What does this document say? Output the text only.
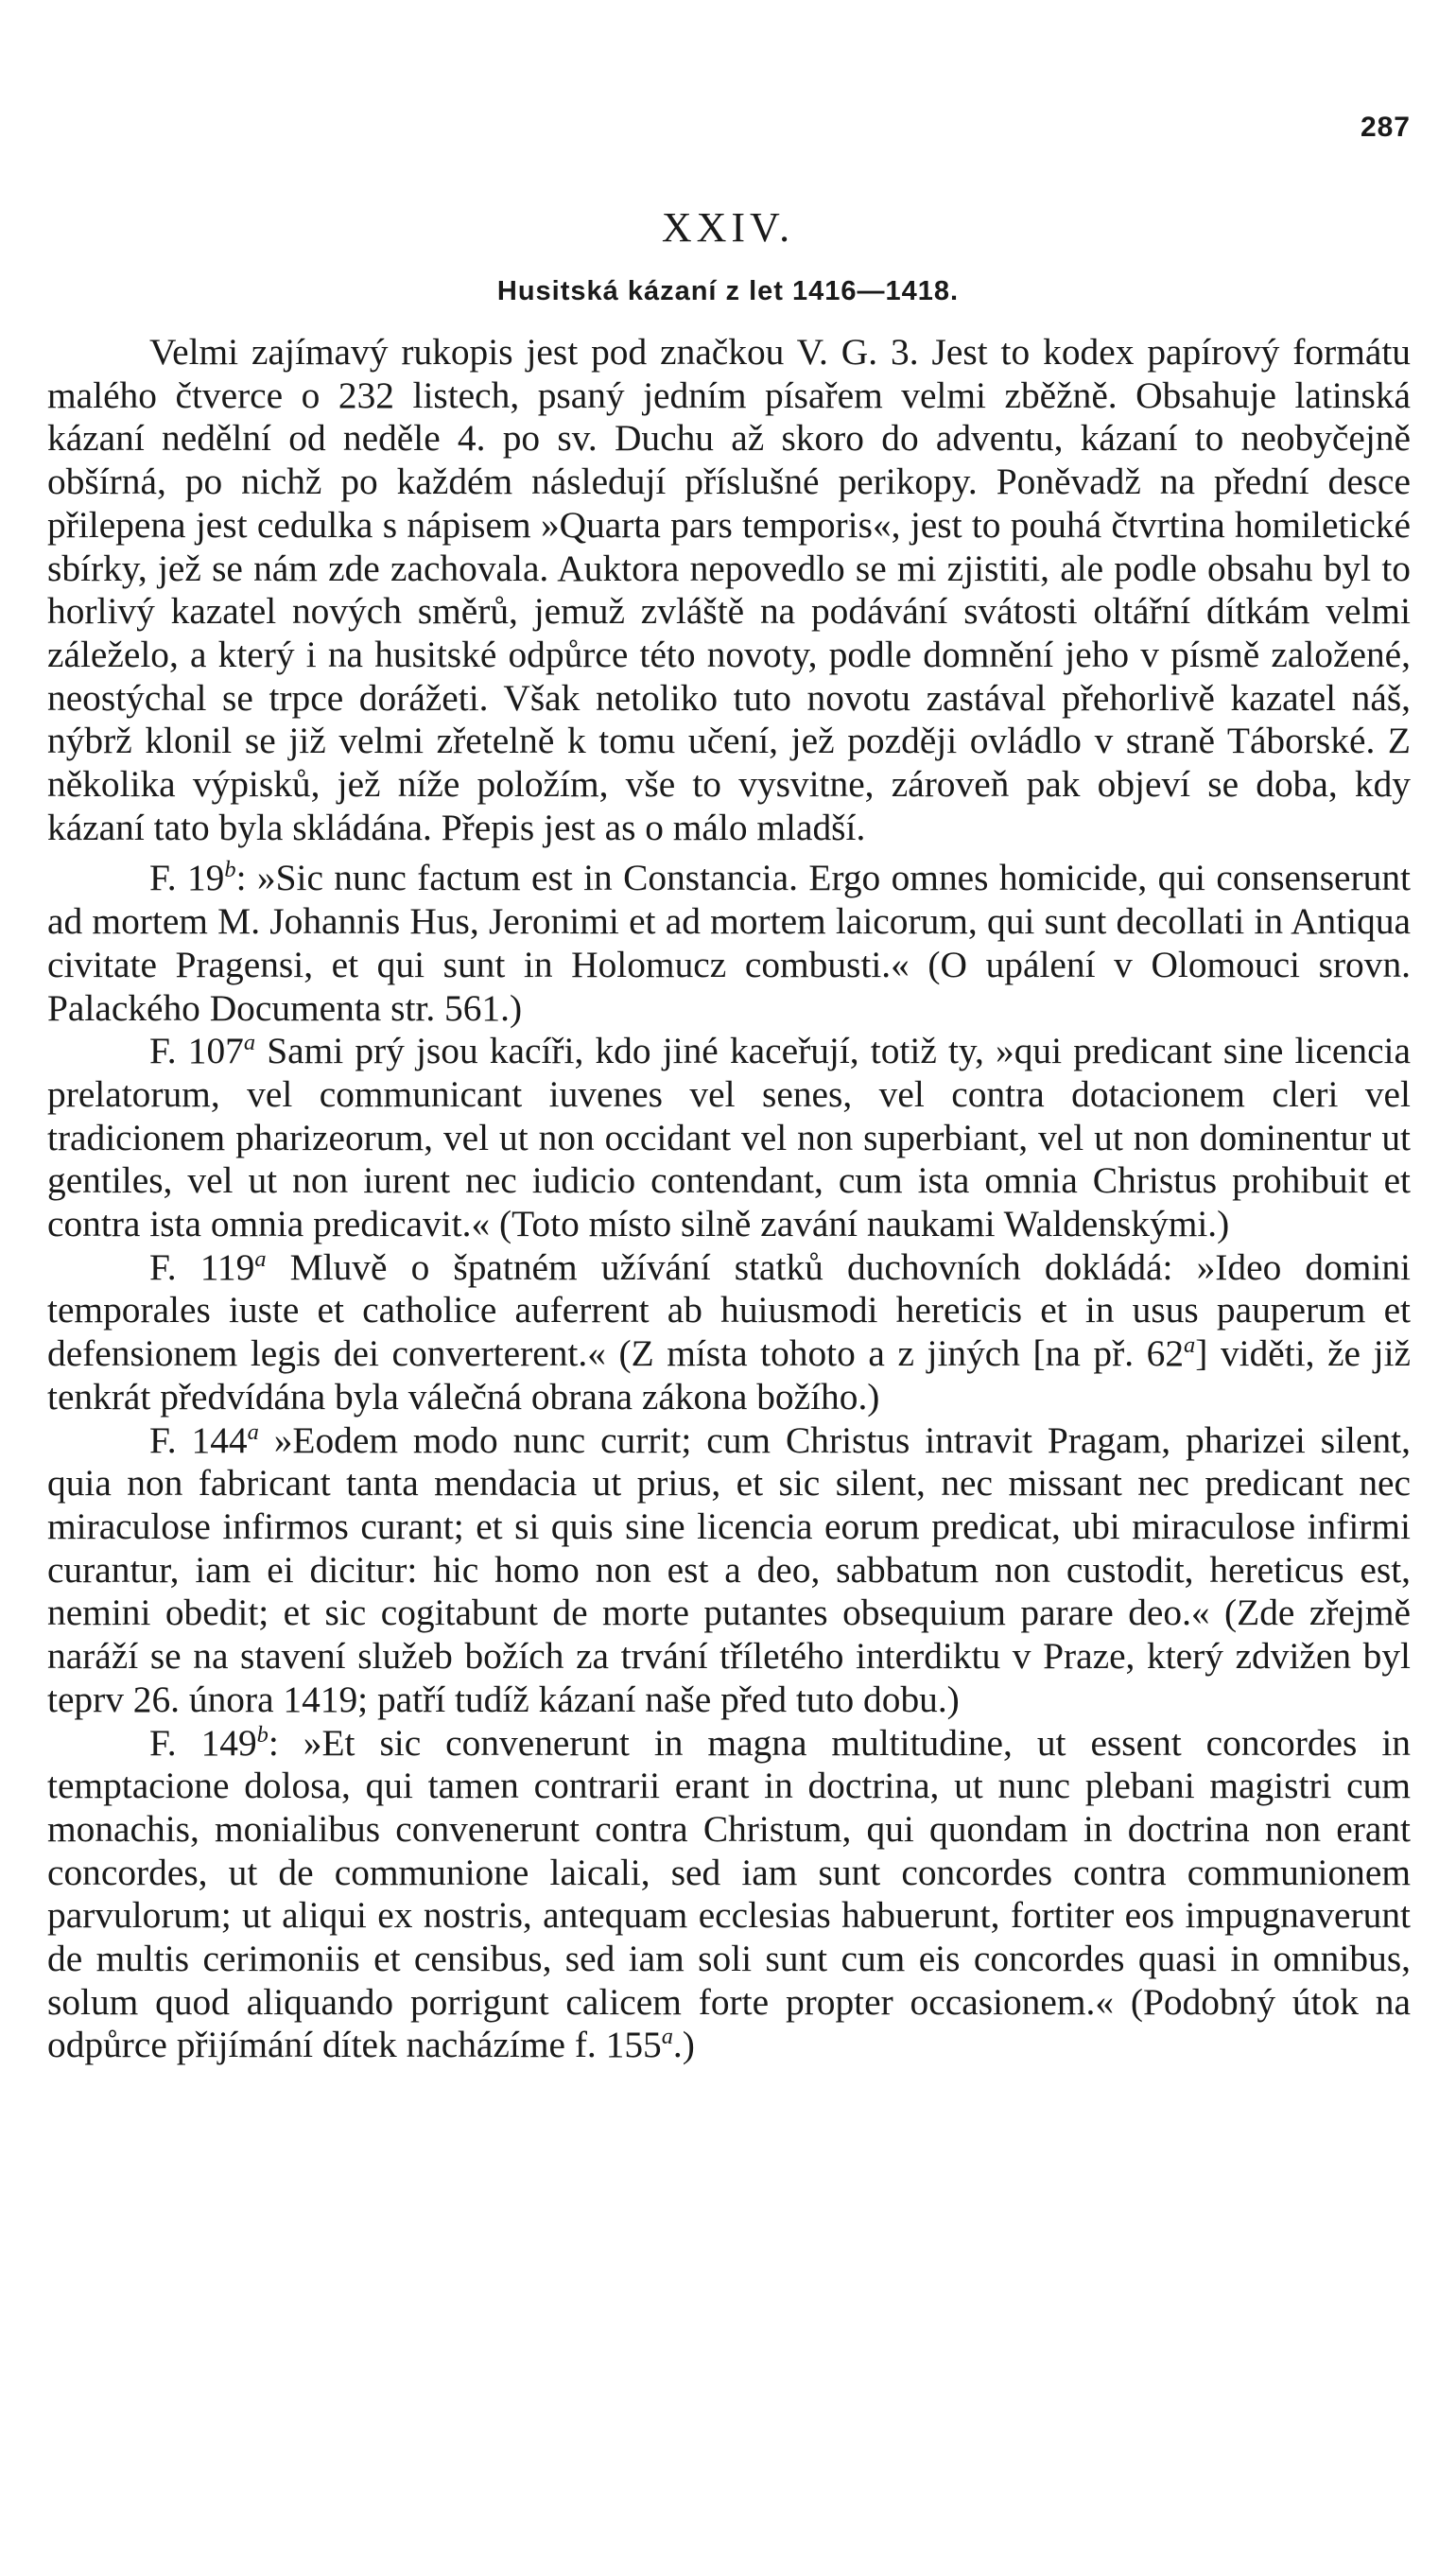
287
XXIV.
Husitská kázaní z let 1416—1418.

Velmi zajímavý rukopis jest pod značkou V. G. 3. Jest to kodex papírový formátu malého čtverce o 232 listech, psaný jedním písařem velmi zběžně. Obsahuje latinská kázaní nedělní od neděle 4. po sv. Duchu až skoro do adventu, kázaní to neobyčejně obšírná, po nichž po každém následují příslušné perikopy. Poněvadž na přední desce přilepena jest cedulka s nápisem »Quarta pars temporis«, jest to pouhá čtvrtina homiletické sbírky, jež se nám zde zachovala. Auktora nepovedlo se mi zjistiti, ale podle obsahu byl to horlivý kazatel nových směrů, jemuž zvláště na podávání svátosti oltářní dítkám velmi záleželo, a který i na husitské odpůrce této novoty, podle domnění jeho v písmě založené, neostýchal se trpce dorážeti. Však netoliko tuto novotu zastával přehorlivě kazatel náš, nýbrž klonil se již velmi zřetelně k tomu učení, jež později ovládlo v straně Táborské. Z několika výpisků, jež níže položím, vše to vysvitne, zároveň pak objeví se doba, kdy kázaní tato byla skládána. Přepis jest as o málo mladší.

F. 19$^b$: »Sic nunc factum est in Constancia. Ergo omnes homicide, qui consenserunt ad mortem M. Johannis Hus, Jeronimi et ad mortem laicorum, qui sunt decollati in Antiqua civitate Pragensi, et qui sunt in Holomucz combusti.« (O upálení v Olomouci srovn. Palackého Documenta str. 561.)

F. 107$^a$ Sami prý jsou kacíři, kdo jiné kaceřují, totiž ty, »qui predicant sine licencia prelatorum, vel communicant iuvenes vel senes, vel contra dotacionem cleri vel tradicionem pharizeorum, vel ut non occidant vel non superbiant, vel ut non dominentur ut gentiles, vel ut non iurent nec iudicio contendant, cum ista omnia Christus prohibuit et contra ista omnia predicavit.« (Toto místo silně zavání naukami Waldenskými.)

F. 119$^a$ Mluvě o špatném užívání statků duchovních dokládá: »Ideo domini temporales iuste et catholice auferrent ab huiusmodi hereticis et in usus pauperum et defensionem legis dei converterent.« (Z místa tohoto a z jiných [na př. 62$^a$] viděti, že již tenkrát předvídána byla válečná obrana zákona božího.)

F. 144$^a$ »Eodem modo nunc currit; cum Christus intravit Pragam, pharizei silent, quia non fabricant tanta mendacia ut prius, et sic silent, nec missant nec predicant nec miraculose infirmos curant; et si quis sine licencia eorum predicat, ubi miraculose infirmi curantur, iam ei dicitur: hic homo non est a deo, sabbatum non custodit, hereticus est, nemini obedit; et sic cogitabunt de morte putantes obsequium parare deo.« (Zde zřejmě naráží se na stavení služeb božích za trvání tříletého interdiktu v Praze, který zdvižen byl teprv 26. února 1419; patří tudíž kázaní naše před tuto dobu.)

F. 149$^b$: »Et sic convenerunt in magna multitudine, ut essent concordes in temptacione dolosa, qui tamen contrarii erant in doctrina, ut nunc plebani magistri cum monachis, monialibus convenerunt contra Christum, qui quondam in doctrina non erant concordes, ut de communione laicali, sed iam sunt concordes contra communionem parvulorum; ut aliqui ex nostris, antequam ecclesias habuerunt, fortiter eos impugnaverunt de multis cerimoniis et censibus, sed iam soli sunt cum eis concordes quasi in omnibus, solum quod aliquando porrigunt calicem forte propter occasionem.« (Podobný útok na odpůrce přijímání dítek nacházíme f. 155$^a$.)
